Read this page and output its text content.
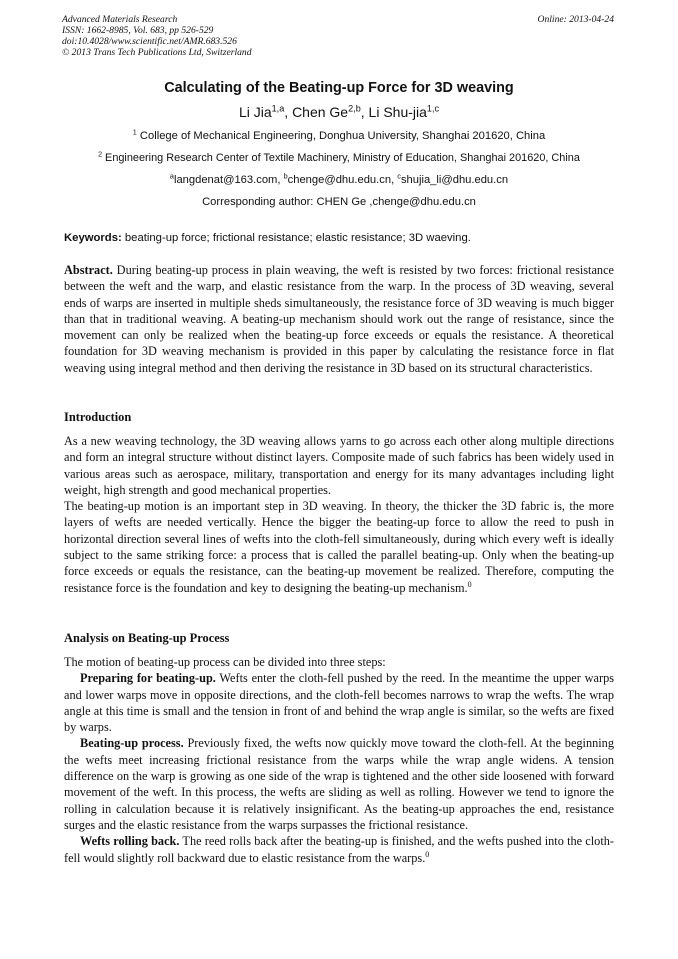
Advanced Materials Research
ISSN: 1662-8985, Vol. 683, pp 526-529
doi:10.4028/www.scientific.net/AMR.683.526
© 2013 Trans Tech Publications Ltd, Switzerland
Online: 2013-04-24
Calculating of the Beating-up Force for 3D weaving
Li Jia$^{1,a}$, Chen Ge$^{2,b}$, Li Shu-jia$^{1,c}$
$^1$ College of Mechanical Engineering, Donghua University, Shanghai 201620, China
$^2$ Engineering Research Center of Textile Machinery, Ministry of Education, Shanghai 201620, China
$^a$langdenat@163.com, $^b$chenge@dhu.edu.cn, $^c$shujia_li@dhu.edu.cn
Corresponding author: CHEN Ge ,chenge@dhu.edu.cn
Keywords: beating-up force; frictional resistance; elastic resistance; 3D waeving.

Abstract. During beating-up process in plain weaving, the weft is resisted by two forces: frictional resistance between the weft and the warp, and elastic resistance from the warp. In the process of 3D weaving, several ends of warps are inserted in multiple sheds simultaneously, the resistance force of 3D weaving is much bigger than that in traditional weaving. A beating-up mechanism should work out the range of resistance, since the movement can only be realized when the beating-up force exceeds or equals the resistance. A theoretical foundation for 3D weaving mechanism is provided in this paper by calculating the resistance force in flat weaving using integral method and then deriving the resistance in 3D based on its structural characteristics.

Introduction

As a new weaving technology, the 3D weaving allows yarns to go across each other along multiple directions and form an integral structure without distinct layers. Composite made of such fabrics has been widely used in various areas such as aerospace, military, transportation and energy for its many advantages including light weight, high strength and good mechanical properties.

The beating-up motion is an important step in 3D weaving. In theory, the thicker the 3D fabric is, the more layers of wefts are needed vertically. Hence the bigger the beating-up force to allow the reed to push in horizontal direction several lines of wefts into the cloth-fell simultaneously, during which every weft is ideally subject to the same striking force: a process that is called the parallel beating-up. Only when the beating-up force exceeds or equals the resistance, can the beating-up movement be realized. Therefore, computing the resistance force is the foundation and key to designing the beating-up mechanism.$^0$

Analysis on Beating-up Process

The motion of beating-up process can be divided into three steps:

Preparing for beating-up. Wefts enter the cloth-fell pushed by the reed. In the meantime the upper warps and lower warps move in opposite directions, and the cloth-fell becomes narrows to wrap the wefts. The wrap angle at this time is small and the tension in front of and behind the wrap angle is similar, so the wefts are fixed by warps.

Beating-up process. Previously fixed, the wefts now quickly move toward the cloth-fell. At the beginning the wefts meet increasing frictional resistance from the warps while the wrap angle widens. A tension difference on the warp is growing as one side of the wrap is tightened and the other side loosened with forward movement of the weft. In this process, the wefts are sliding as well as rolling. However we tend to ignore the rolling in calculation because it is relatively insignificant. As the beating-up approaches the end, resistance surges and the elastic resistance from the warps surpasses the frictional resistance.

Wefts rolling back. The reed rolls back after the beating-up is finished, and the wefts pushed into the cloth-fell would slightly roll backward due to elastic resistance from the warps.$^0$
